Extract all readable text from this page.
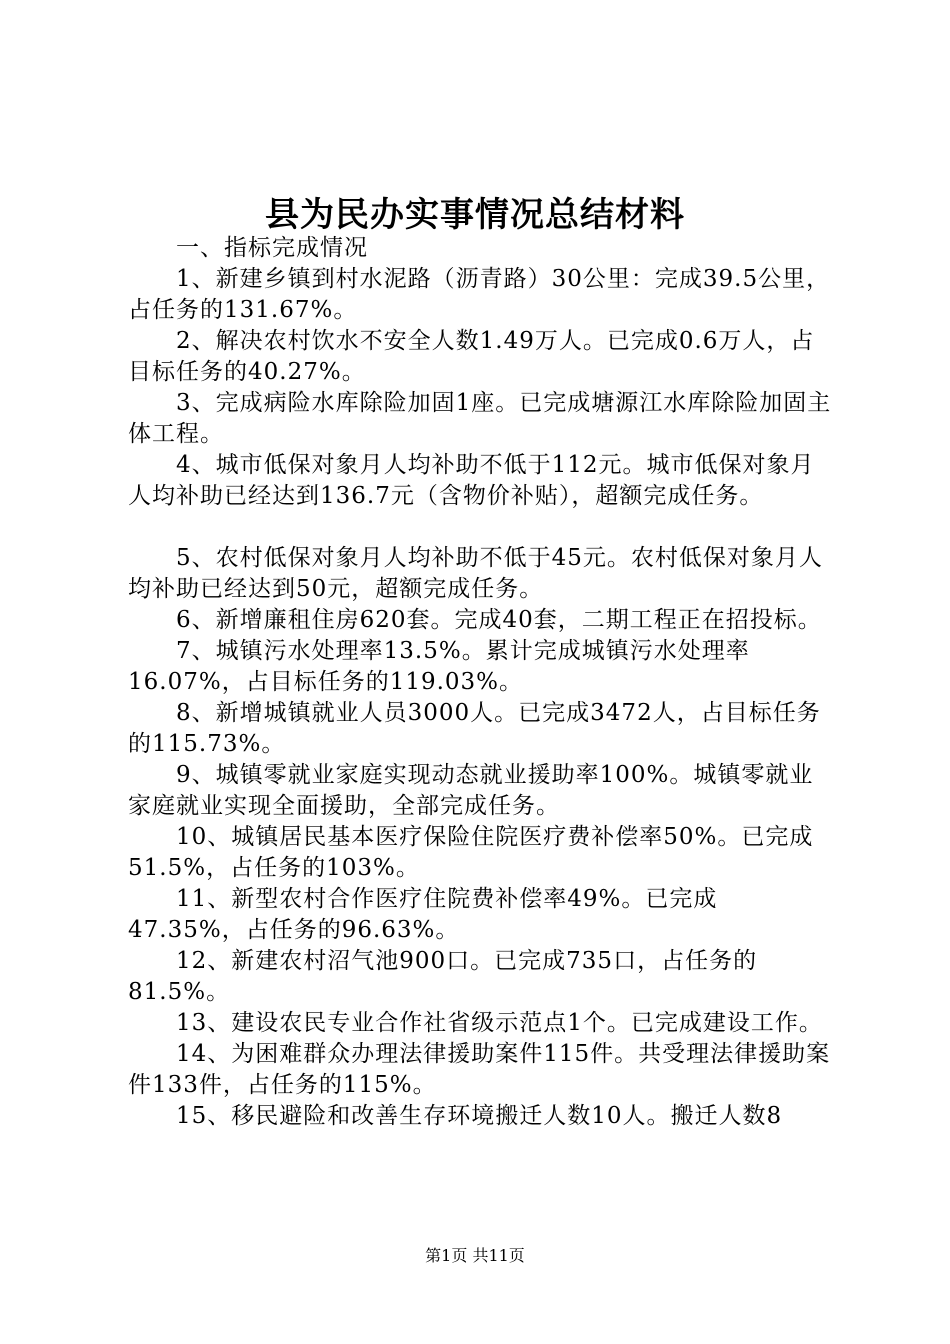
县为民办实事情况总结材料

一、指标完成情况

1、新建乡镇到村水泥路（沥青路）30公里：完成39.5公里，占任务的131.67%。

2、解决农村饮水不安全人数1.49万人。已完成0.6万人，占目标任务的40.27%。

3、完成病险水库除险加固1座。已完成塘源江水库除险加固主体工程。

4、城市低保对象月人均补助不低于112元。城市低保对象月人均补助已经达到136.7元（含物价补贴），超额完成任务。

5、农村低保对象月人均补助不低于45元。农村低保对象月人均补助已经达到50元，超额完成任务。

6、新增廉租住房620套。完成40套，二期工程正在招投标。

7、城镇污水处理率13.5%。累计完成城镇污水处理率16.07%，占目标任务的119.03%。

8、新增城镇就业人员3000人。已完成3472人，占目标任务的115.73%。

9、城镇零就业家庭实现动态就业援助率100%。城镇零就业家庭就业实现全面援助，全部完成任务。

10、城镇居民基本医疗保险住院医疗费补偿率50%。已完成51.5%，占任务的103%。

11、新型农村合作医疗住院费补偿率49%。已完成47.35%，占任务的96.63%。

12、新建农村沼气池900口。已完成735口，占任务的81.5%。

13、建设农民专业合作社省级示范点1个。已完成建设工作。

14、为困难群众办理法律援助案件115件。共受理法律援助案件133件，占任务的115%。

15、移民避险和改善生存环境搬迁人数10人。搬迁人数8

第1页 共11页
